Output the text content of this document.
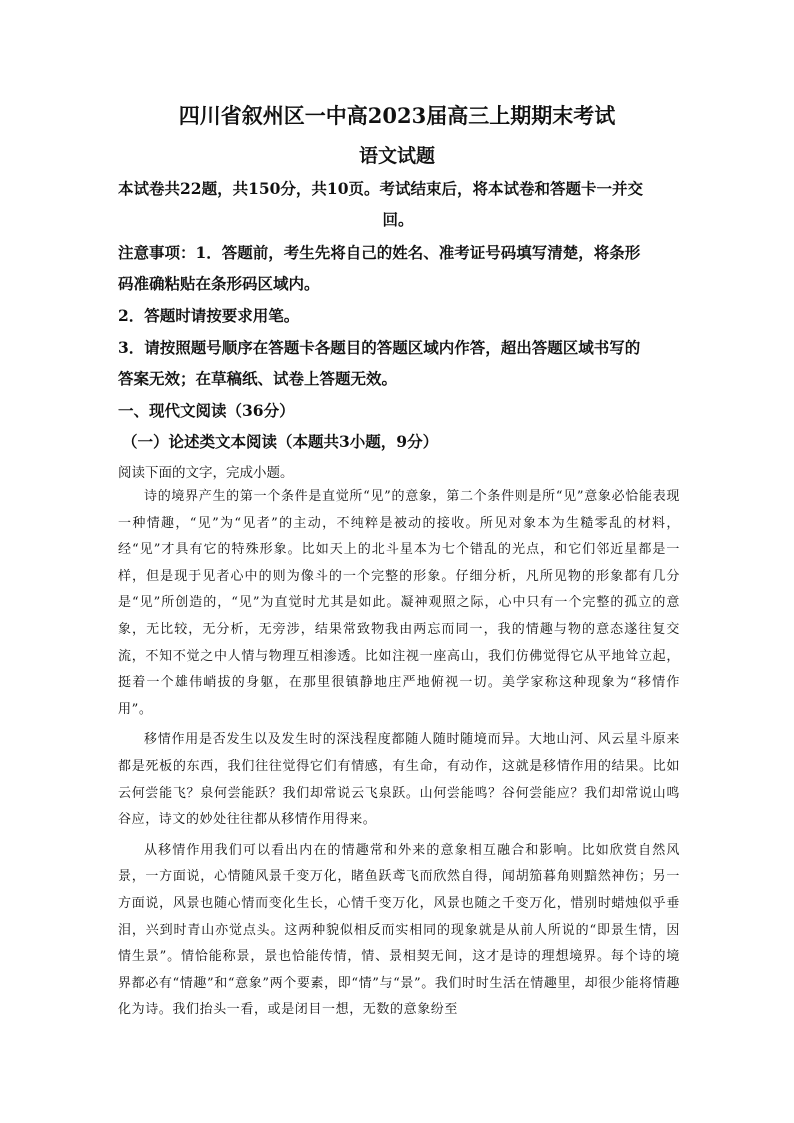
四川省叙州区一中高2023届高三上期期末考试
语文试题
本试卷共22题，共150分，共10页。考试结束后，将本试卷和答题卡一并交
回。
注意事项：1．答题前，考生先将自己的姓名、准考证号码填写清楚，将条形
码准确粘贴在条形码区域内。
2．答题时请按要求用笔。
3．请按照题号顺序在答题卡各题目的答题区域内作答，超出答题区域书写的
答案无效；在草稿纸、试卷上答题无效。
一、现代文阅读（36分）
（一）论述类文本阅读（本题共3小题，9分）
阅读下面的文字，完成小题。

诗的境界产生的第一个条件是直觉所“见”的意象，第二个条件则是所“见”意象必恰能表现一种情趣，“见”为“见者”的主动，不纯粹是被动的接收。所见对象本为生糙零乱的材料，经“见”才具有它的特殊形象。比如天上的北斗星本为七个错乱的光点，和它们邻近星都是一样，但是现于见者心中的则为像斗的一个完整的形象。仔细分析，凡所见物的形象都有几分是“见”所创造的，“见”为直觉时尤其是如此。凝神观照之际，心中只有一个完整的孤立的意象，无比较，无分析，无旁涉，结果常致物我由两忘而同一，我的情趣与物的意态遂往复交流，不知不觉之中人情与物理互相渗透。比如注视一座高山，我们仿佛觉得它从平地耸立起，挺着一个雄伟峭拔的身躯，在那里很镇静地庄严地俯视一切。美学家称这种现象为“移情作用”。

移情作用是否发生以及发生时的深浅程度都随人随时随境而异。大地山河、风云星斗原来都是死板的东西，我们往往觉得它们有情感，有生命，有动作，这就是移情作用的结果。比如云何尝能飞？泉何尝能跃？我们却常说云飞泉跃。山何尝能鸣？谷何尝能应？我们却常说山鸣谷应，诗文的妙处往往都从移情作用得来。

从移情作用我们可以看出内在的情趣常和外来的意象相互融合和影响。比如欣赏自然风景，一方面说，心情随风景千变万化，睹鱼跃鸢飞而欣然自得，闻胡笳暮角则黯然神伤；另一方面说，风景也随心情而变化生长，心情千变万化，风景也随之千变万化，惜别时蜡烛似乎垂泪，兴到时青山亦觉点头。这两种貌似相反而实相同的现象就是从前人所说的“即景生情，因情生景”。情恰能称景，景也恰能传情，情、景相契无间，这才是诗的理想境界。每个诗的境界都必有“情趣”和“意象”两个要素，即“情”与“景”。我们时时生活在情趣里，却很少能将情趣化为诗。我们抬头一看，或是闭目一想，无数的意象纷至
